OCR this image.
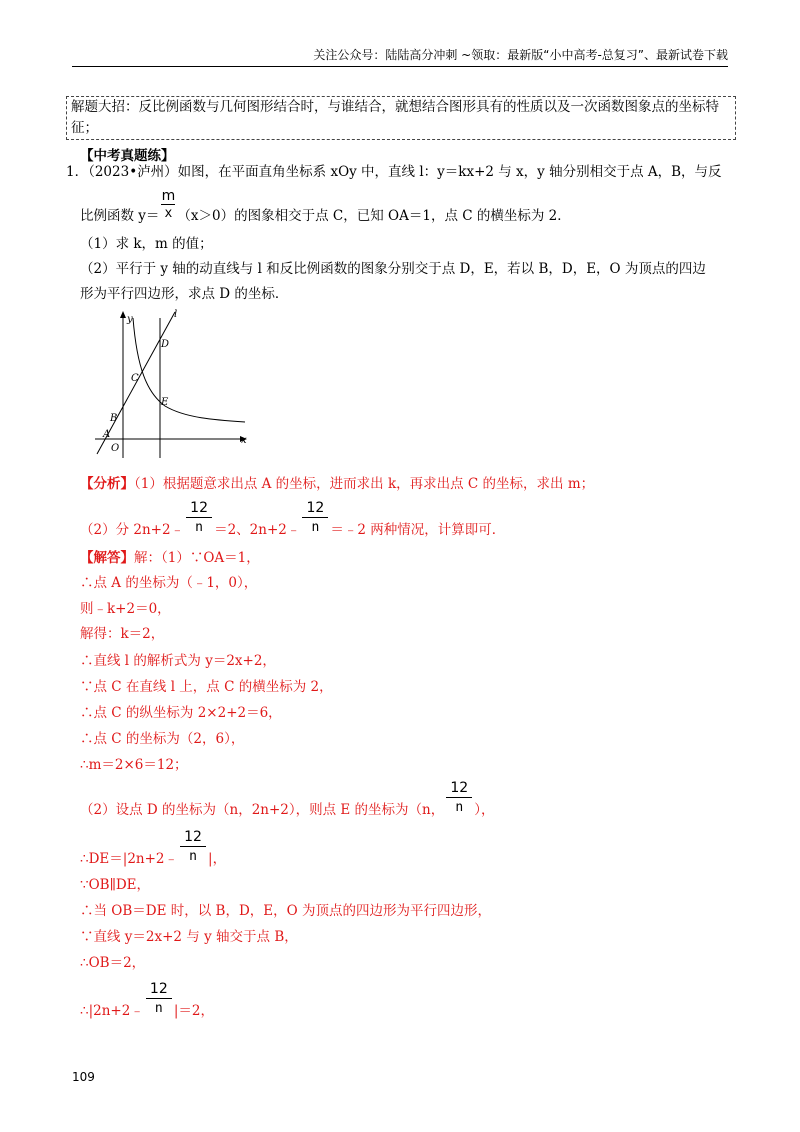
关注公众号：陆陆高分冲刺 ~领取：最新版“小中高考-总复习”、最新试卷下载
解题大招：反比例函数与几何图形结合时，与谁结合，就想结合图形具有的性质以及一次函数图象点的坐标特征；
【中考真题练】
1．（2023•泸州）如图，在平面直角坐标系 xOy 中，直线 l：y＝kx+2 与 x，y 轴分别相交于点 A，B，与反
比例函数 $y= \frac{m}{x} (x>0)$的图象相交于点 C，已知 OA＝1，点 C 的横坐标为 2．
（1）求 k，m 的值；
（2）平行于 y 轴的动直线与 l 和反比例函数的图象分别交于点 D，E，若以 B，D，E，O 为顶点的四边
形为平行四边形，求点 D 的坐标．
y
x
l
D
C
E
B
A
O
【分析】（1）根据题意求出点 A 的坐标，进而求出 k，再求出点 C 的坐标，求出 m；
（2）分 2n+2﹣ $\frac{12}{n} =2$、2n+2﹣ $\frac{12}{n}$ ＝﹣2 两种情况，计算即可．
【解答】解：（1）∵OA＝1，
∴点 A 的坐标为（﹣1，0），
则﹣k+2＝0，
解得：k＝2，
∴直线 l 的解析式为 y＝2x+2，
∵点 C 在直线 l 上，点 C 的横坐标为 2，
∴点 C 的纵坐标为 2×2+2＝6，
∴点 C 的坐标为（2，6），
∴m＝2×6＝12；
（2）设点 D 的坐标为（n，2n+2），则点 E 的坐标为（n， $\frac{12}{n}$ ），
∴DE＝|2n+2﹣ $\frac{12}{n}$ |，
∵OB∥DE，
∴当 OB＝DE 时，以 B，D，E，O 为顶点的四边形为平行四边形，
∵直线 y＝2x+2 与 y 轴交于点 B，
∴OB＝2，
∴|2n+2﹣ $\frac{12}{n} |=2$，
109
